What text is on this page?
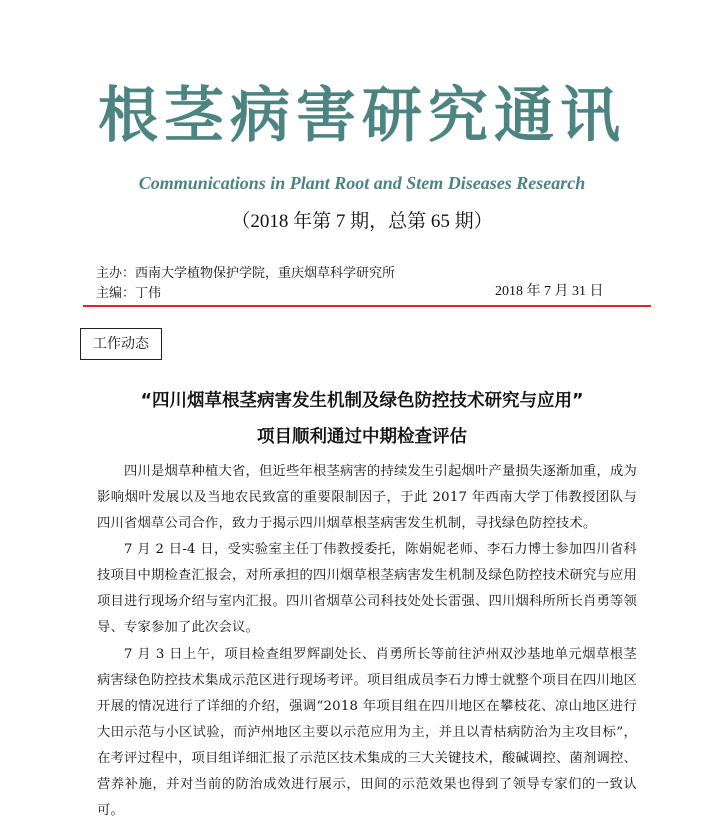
根茎病害研究通讯
Communications in Plant Root and Stem Diseases Research
（2018 年第 7 期，总第 65 期）
主办：西南大学植物保护学院，重庆烟草科学研究所
主编：丁伟	2018 年 7 月 31 日
工作动态
“四川烟草根茎病害发生机制及绿色防控技术研究与应用”
项目顺利通过中期检查评估

四川是烟草种植大省，但近些年根茎病害的持续发生引起烟叶产量损失逐渐加重，成为影响烟叶发展以及当地农民致富的重要限制因子，于此 2017 年西南大学丁伟教授团队与四川省烟草公司合作，致力于揭示四川烟草根茎病害发生机制，寻找绿色防控技术。

7 月 2 日-4 日，受实验室主任丁伟教授委托，陈娟妮老师、李石力博士参加四川省科技项目中期检查汇报会，对所承担的四川烟草根茎病害发生机制及绿色防控技术研究与应用项目进行现场介绍与室内汇报。四川省烟草公司科技处处长雷强、四川烟科所所长肖勇等领导、专家参加了此次会议。

7 月 3 日上午，项目检查组罗辉副处长、肖勇所长等前往泸州双沙基地单元烟草根茎病害绿色防控技术集成示范区进行现场考评。项目组成员李石力博士就整个项目在四川地区开展的情况进行了详细的介绍，强调“2018 年项目组在四川地区在攀枝花、凉山地区进行大田示范与小区试验，而泸州地区主要以示范应用为主，并且以青枯病防治为主攻目标”，在考评过程中，项目组详细汇报了示范区技术集成的三大关键技术，酸碱调控、菌剂调控、营养补施，并对当前的防治成效进行展示，田间的示范效果也得到了领导专家们的一致认可。
